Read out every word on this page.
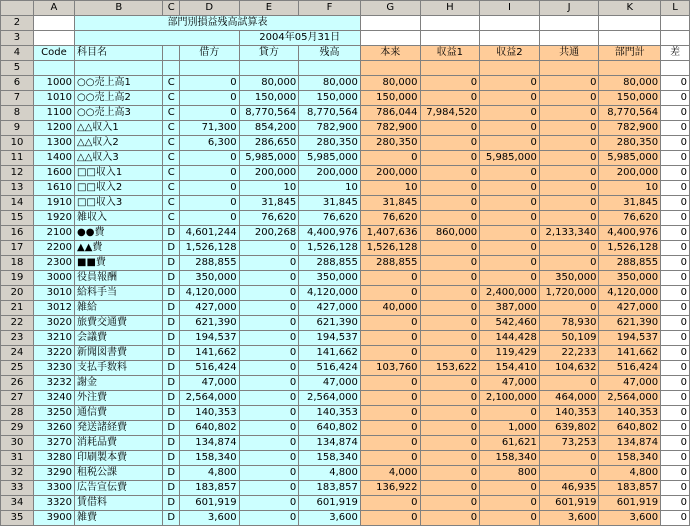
	A	B	C	D	E	F	G	H	I	J	K	L
2		部門別損益残高試算表										
3					2004年05月31日							
4	Code	科目名		借方	貸方	残高	本来	収益1	収益2	共通	部門計	差
5												
6	1000	○○売上高1	C	0	80,000	80,000	80,000	0	0	0	80,000	0
7	1010	○○売上高2	C	0	150,000	150,000	150,000	0	0	0	150,000	0
8	1100	○○売上高3	C	0	8,770,564	8,770,564	786,044	7,984,520	0	0	8,770,564	0
9	1200	△△収入1	C	71,300	854,200	782,900	782,900	0	0	0	782,900	0
10	1300	△△収入2	C	6,300	286,650	280,350	280,350	0	0	0	280,350	0
11	1400	△△収入3	C	0	5,985,000	5,985,000	0	0	5,985,000	0	5,985,000	0
12	1600	□□収入1	C	0	200,000	200,000	200,000	0	0	0	200,000	0
13	1610	□□収入2	C	0	10	10	10	0	0	0	10	0
14	1910	□□収入3	C	0	31,845	31,845	31,845	0	0	0	31,845	0
15	1920	雑収入	C	0	76,620	76,620	76,620	0	0	0	76,620	0
16	2100	●●費	D	4,601,244	200,268	4,400,976	1,407,636	860,000	0	2,133,340	4,400,976	0
17	2200	▲▲費	D	1,526,128	0	1,526,128	1,526,128	0	0	0	1,526,128	0
18	2300	■■費	D	288,855	0	288,855	288,855	0	0	0	288,855	0
19	3000	役員報酬	D	350,000	0	350,000	0	0	0	350,000	350,000	0
20	3010	給料手当	D	4,120,000	0	4,120,000	0	0	2,400,000	1,720,000	4,120,000	0
21	3012	雑給	D	427,000	0	427,000	40,000	0	387,000	0	427,000	0
22	3020	旅費交通費	D	621,390	0	621,390	0	0	542,460	78,930	621,390	0
23	3210	会議費	D	194,537	0	194,537	0	0	144,428	50,109	194,537	0
24	3220	新聞図書費	D	141,662	0	141,662	0	0	119,429	22,233	141,662	0
25	3230	支払手数料	D	516,424	0	516,424	103,760	153,622	154,410	104,632	516,424	0
26	3232	謝金	D	47,000	0	47,000	0	0	47,000	0	47,000	0
27	3240	外注費	D	2,564,000	0	2,564,000	0	0	2,100,000	464,000	2,564,000	0
28	3250	通信費	D	140,353	0	140,353	0	0	0	140,353	140,353	0
29	3260	発送諸経費	D	640,802	0	640,802	0	0	1,000	639,802	640,802	0
30	3270	消耗品費	D	134,874	0	134,874	0	0	61,621	73,253	134,874	0
31	3280	印刷製本費	D	158,340	0	158,340	0	0	158,340	0	158,340	0
32	3290	租税公課	D	4,800	0	4,800	4,000	0	800	0	4,800	0
33	3300	広告宣伝費	D	183,857	0	183,857	136,922	0	0	46,935	183,857	0
34	3320	賃借料	D	601,919	0	601,919	0	0	0	601,919	601,919	0
35	3900	雑費	D	3,600	0	3,600	0	0	0	3,600	3,600	0
